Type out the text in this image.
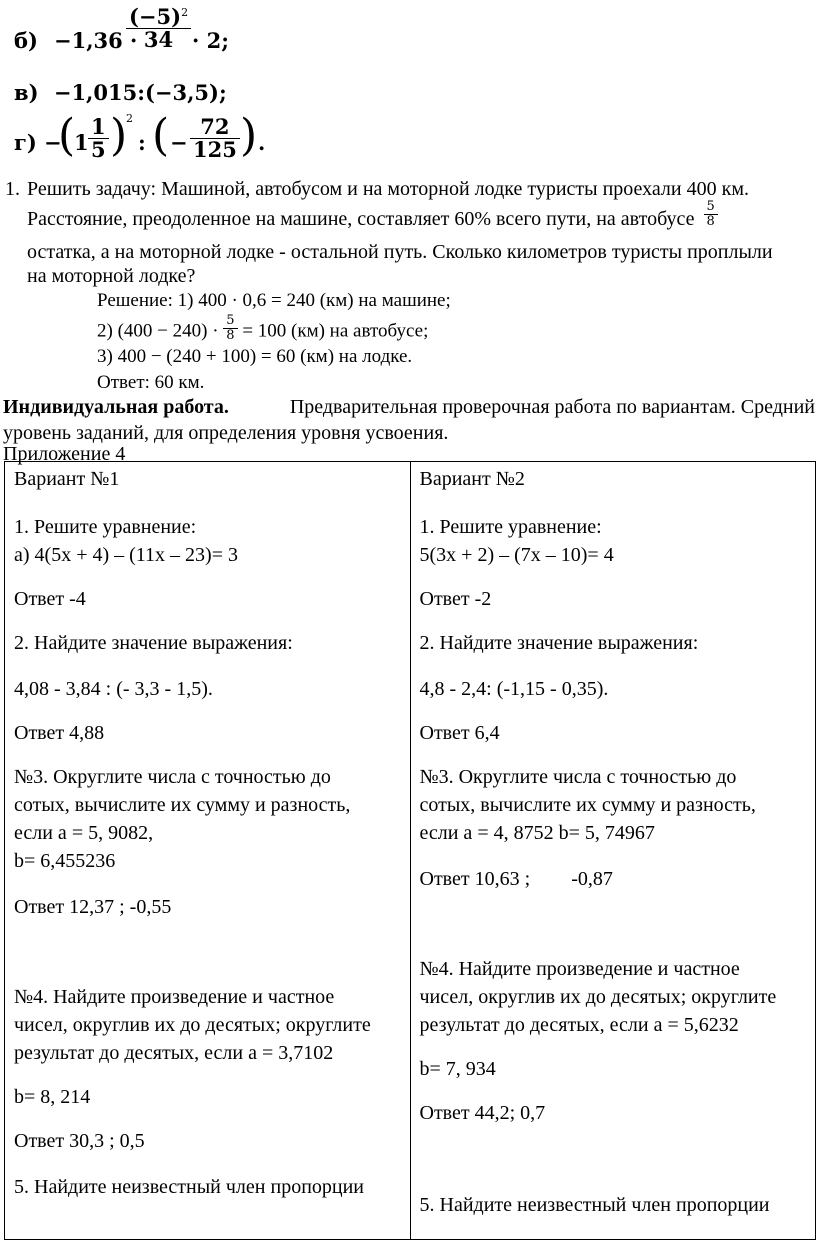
б) −1,36 ·
$\frac{(-5)^2}{34} \cdot 2$;
в) −1,015:(−3,5);
г) −
(
$1 \frac{1}{5}$ )
2
: ( − $\frac{72}{125}$ ) .
1. Решить задачу: Машиной, автобусом и на моторной лодке туристы проехали 400 км.
Расстояние, преодоленное на машине, составляет 60% всего пути, на автобусе $\frac{5}{8}$
остатка, а на моторной лодке - остальной путь. Сколько километров туристы проплыли
на моторной лодке?
Решение: 1) 400 · 0,6 = 240 (км) на машине;
2) $(400 - 240) \cdot \frac{5}{8} = 100$ (км) на автобусе;
3) 400 − (240 + 100) = 60 (км) на лодке.
Ответ: 60 км.
Индивидуальная работа.	Предварительная проверочная работа по вариантам. Средний
уровень заданий, для определения уровня усвоения.
Приложение 4
Вариант №1
1. Решите уравнение:
а) 4(5х + 4) – (11х – 23)= 3
Ответ -4
2. Найдите значение выражения:
4,08 - 3,84 : (- 3,3 - 1,5).
Ответ 4,88
№3. Округлите числа с точностью до
сотых, вычислите их сумму и разность,
если а = 5, 9082,
b= 6,455236
Ответ 12,37 ; -0,55
№4. Найдите произведение и частное
чисел, округлив их до десятых; округлите
результат до десятых, если а = 3,7102
b= 8, 214
Ответ 30,3 ; 0,5
5. Найдите неизвестный член пропорции

Вариант №2
1. Решите уравнение:
5(3х + 2) – (7х – 10)= 4
Ответ -2
2. Найдите значение выражения:
4,8 - 2,4: (-1,15 - 0,35).
Ответ 6,4
№3. Округлите числа с точностью до
сотых, вычислите их сумму и разность,
если а = 4, 8752 b= 5, 74967
Ответ 10,63 ; -0,87
№4. Найдите произведение и частное
чисел, округлив их до десятых; округлите
результат до десятых, если а = 5,6232
b= 7, 934
Ответ 44,2; 0,7
5. Найдите неизвестный член пропорции
